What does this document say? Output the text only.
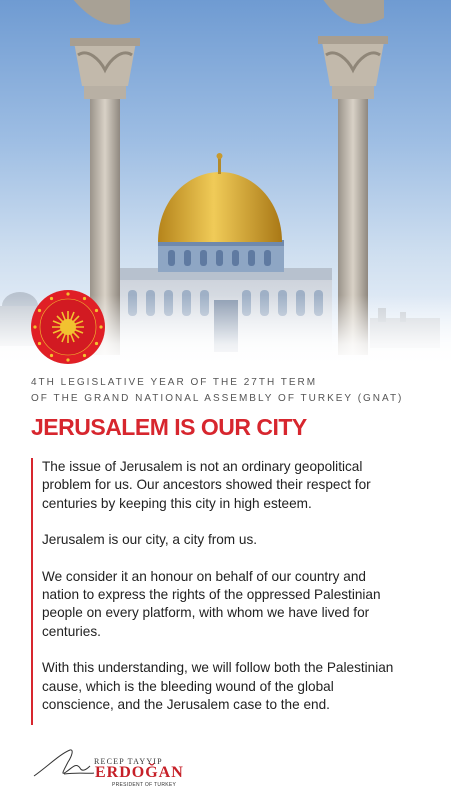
4TH LEGISLATIVE YEAR OF THE 27TH TERM
OF THE GRAND NATIONAL ASSEMBLY OF TURKEY (GNAT)
JERUSALEM IS OUR CITY

The issue of Jerusalem is not an ordinary geopolitical problem for us. Our ancestors showed their respect for centuries by keeping this city in high esteem.

Jerusalem is our city, a city from us.

We consider it an honour on behalf of our country and nation to express the rights of the oppressed Palestinian people on every platform, with whom we have lived for centuries.

With this understanding, we will follow both the Palestinian cause, which is the bleeding wound of the global conscience, and the Jerusalem case to the end.

RECEP TAYYIP
ERDOĞAN
PRESIDENT OF TURKEY
